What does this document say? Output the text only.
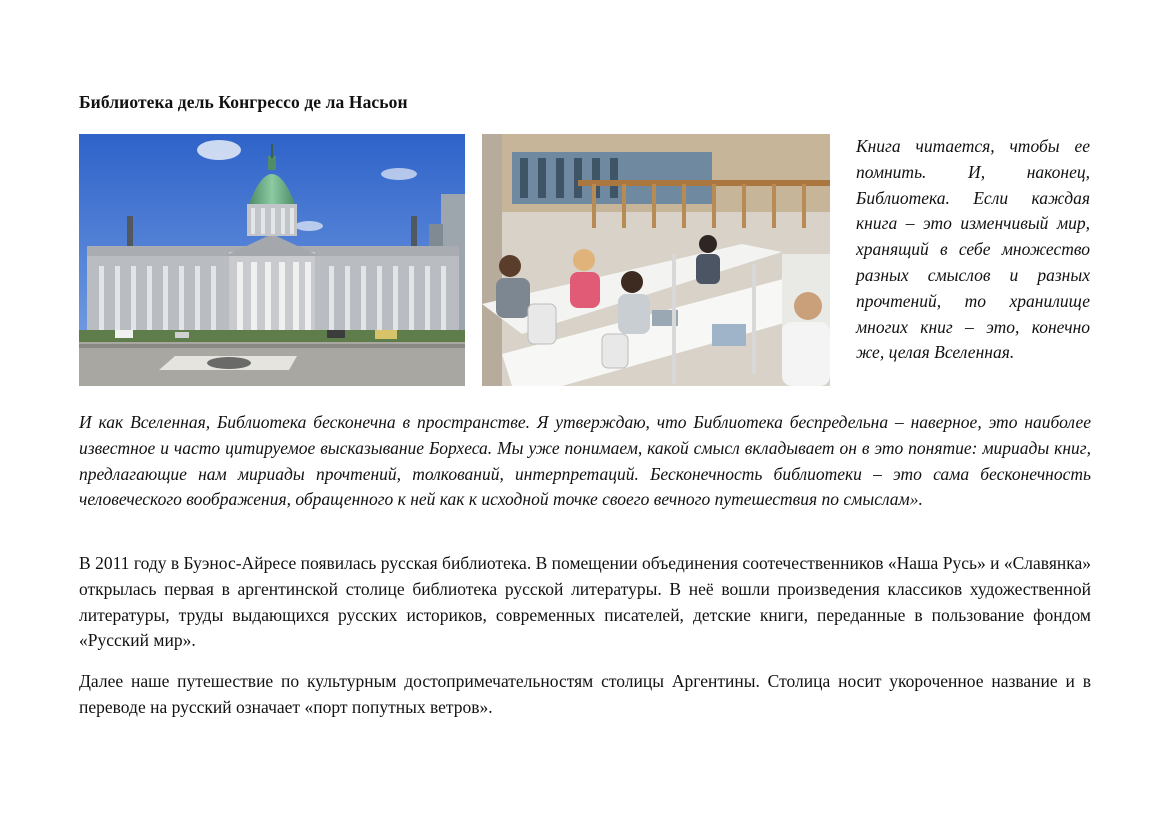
Библиотека дель Конгрессо де ла Насьон
Книга читается, чтобы ее помнить. И, наконец, Библиотека. Если каждая книга – это изменчивый мир, хранящий в себе множество разных смыслов и разных прочтений, то хранилище многих книг – это, конечно же, целая Вселенная.
И как Вселенная, Библиотека бесконечна в пространстве. Я утверждаю, что Библиотека беспредельна – наверное, это наиболее известное и часто цитируемое высказывание Борхеса. Мы уже понимаем, какой смысл вкладывает он в это понятие: мириады книг, предлагающие нам мириады прочтений, толкований, интерпретаций. Бесконечность библиотеки – это сама бесконечность человеческого воображения, обращенного к ней как к исходной точке своего вечного путешествия по смыслам».
В 2011 году в Буэнос-Айресе появилась русская библиотека. В помещении объединения соотечественников «Наша Русь» и «Славянка» открылась первая в аргентинской столице библиотека русской литературы. В неё вошли произведения классиков художественной литературы, труды выдающихся русских историков, современных писателей, детские книги, переданные в пользование фондом «Русский мир».
Далее наше путешествие по культурным достопримечательностям столицы Аргентины. Столица носит укороченное название и в переводе на русский означает «порт попутных ветров».
